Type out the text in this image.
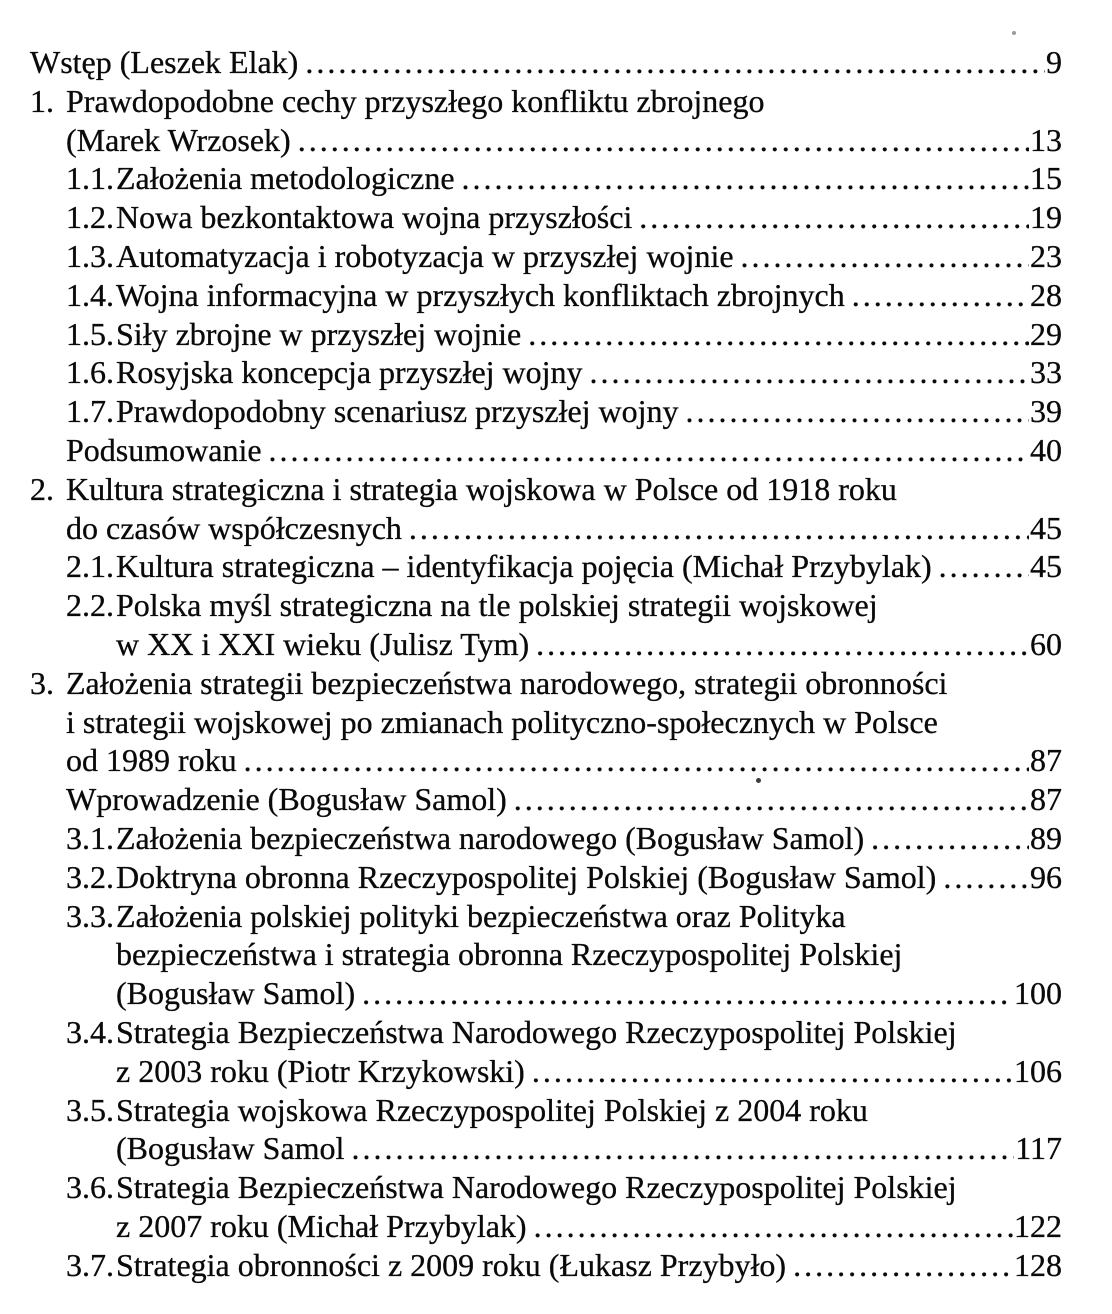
Wstęp (Leszek Elak) .....	9
1. Prawdopodobne cechy przyszłego konfliktu zbrojnego
(Marek Wrzosek) .....	13
1.1. Założenia metodologiczne .....	15
1.2. Nowa bezkontaktowa wojna przyszłości .....	19
1.3. Automatyzacja i robotyzacja w przyszłej wojnie .....	23
1.4. Wojna informacyjna w przyszłych konfliktach zbrojnych .....	28
1.5. Siły zbrojne w przyszłej wojnie .....	29
1.6. Rosyjska koncepcja przyszłej wojny .....	33
1.7. Prawdopodobny scenariusz przyszłej wojny .....	39
Podsumowanie .....	40
2. Kultura strategiczna i strategia wojskowa w Polsce od 1918 roku
do czasów współczesnych .....	45
2.1. Kultura strategiczna – identyfikacja pojęcia (Michał Przybylak) .....	45
2.2. Polska myśl strategiczna na tle polskiej strategii wojskowej
w XX i XXI wieku (Julisz Tym) .....	60
3. Założenia strategii bezpieczeństwa narodowego, strategii obronności
i strategii wojskowej po zmianach polityczno-społecznych w Polsce
od 1989 roku .....	87
Wprowadzenie (Bogusław Samol) .....	87
3.1. Założenia bezpieczeństwa narodowego (Bogusław Samol) .....	89
3.2. Doktryna obronna Rzeczypospolitej Polskiej (Bogusław Samol) .....	96
3.3. Założenia polskiej polityki bezpieczeństwa oraz Polityka
bezpieczeństwa i strategia obronna Rzeczypospolitej Polskiej
(Bogusław Samol) .....	100
3.4. Strategia Bezpieczeństwa Narodowego Rzeczypospolitej Polskiej
z 2003 roku (Piotr Krzykowski) .....	106
3.5. Strategia wojskowa Rzeczypospolitej Polskiej z 2004 roku
(Bogusław Samol .....	117
3.6. Strategia Bezpieczeństwa Narodowego Rzeczypospolitej Polskiej
z 2007 roku (Michał Przybylak) .....	122
3.7. Strategia obronności z 2009 roku (Łukasz Przybyło) .....	128
